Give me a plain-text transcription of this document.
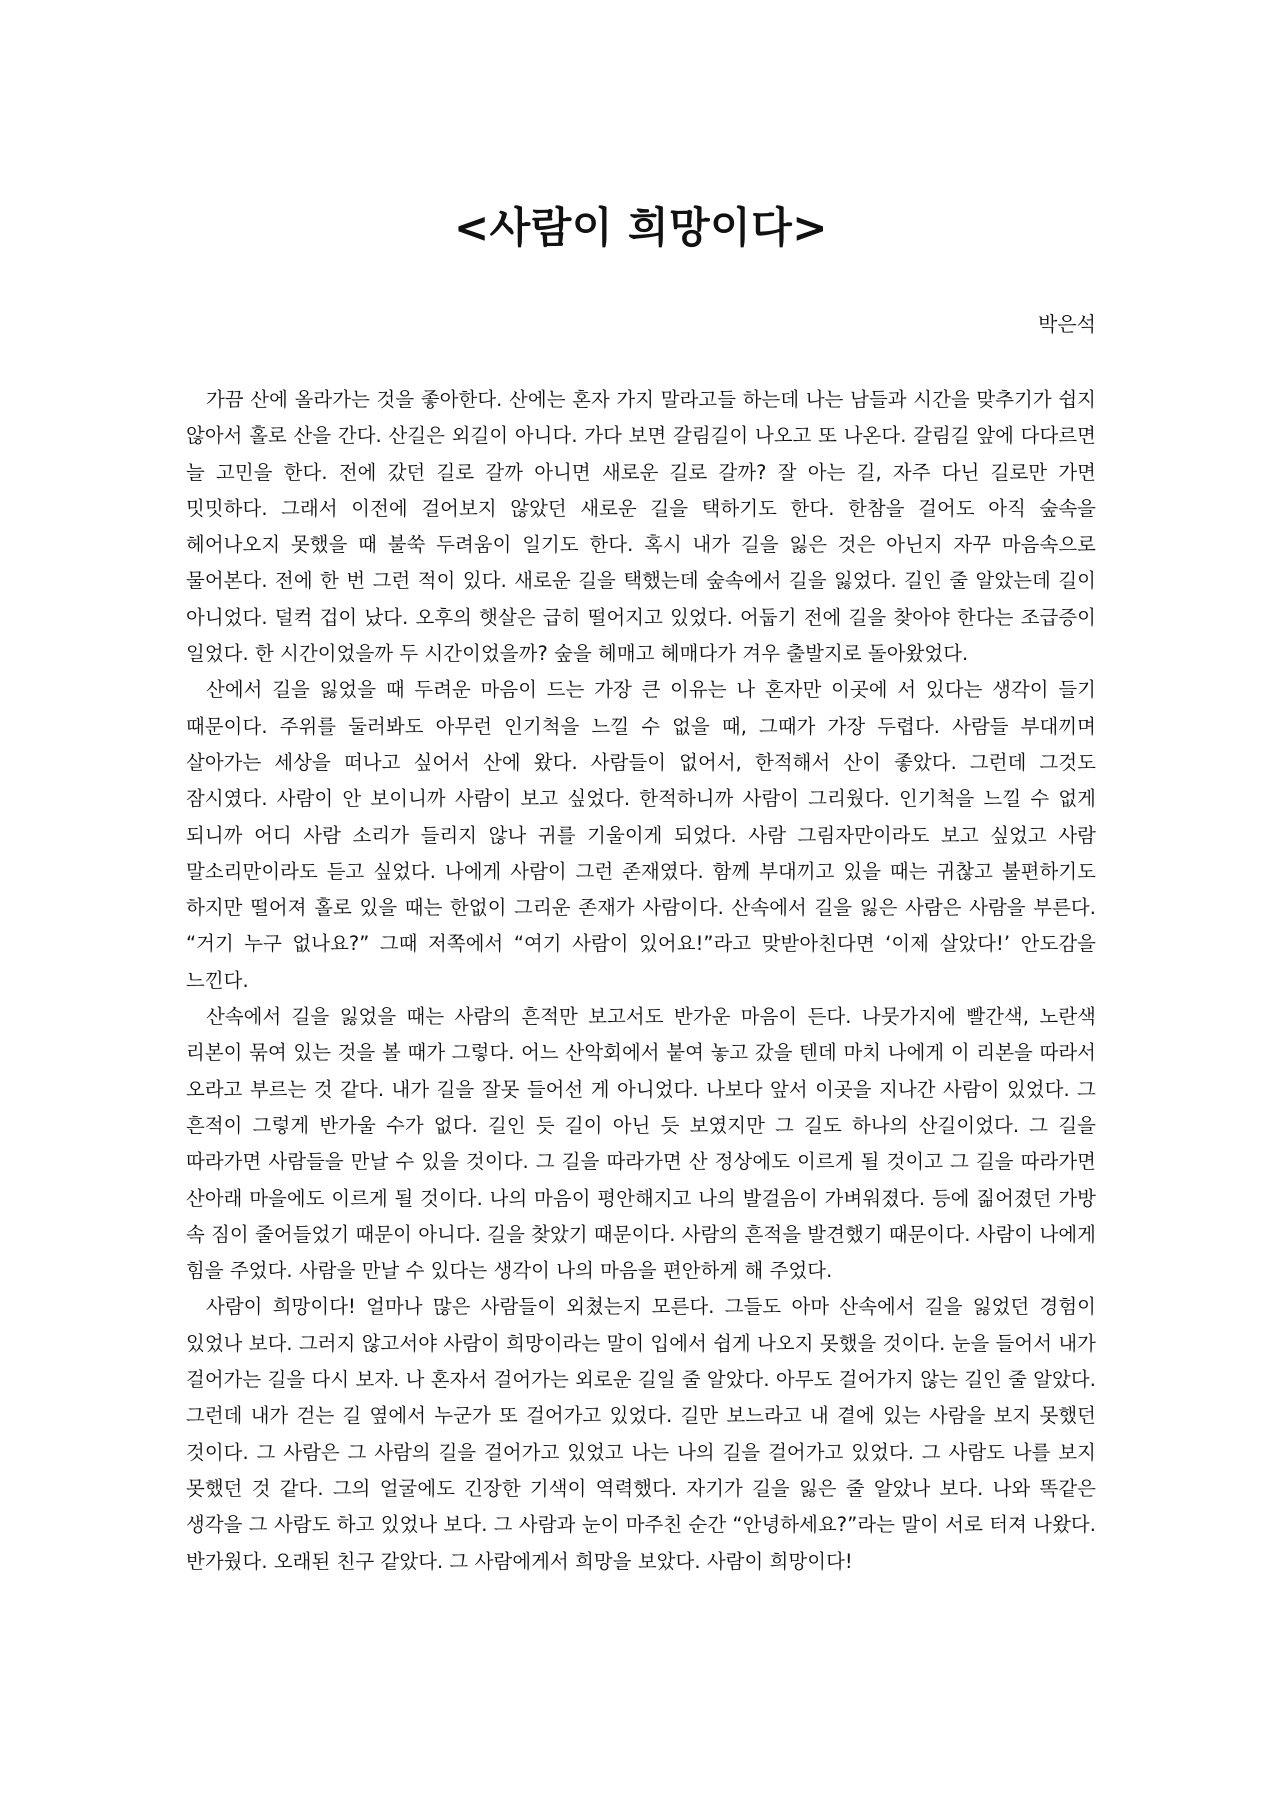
<사람이 희망이다>
박은석

가끔 산에 올라가는 것을 좋아한다. 산에는 혼자 가지 말라고들 하는데 나는 남들과 시간을 맞추기가 쉽지 않아서 홀로 산을 간다. 산길은 외길이 아니다. 가다 보면 갈림길이 나오고 또 나온다. 갈림길 앞에 다다르면 늘 고민을 한다. 전에 갔던 길로 갈까 아니면 새로운 길로 갈까? 잘 아는 길, 자주 다닌 길로만 가면 밋밋하다. 그래서 이전에 걸어보지 않았던 새로운 길을 택하기도 한다. 한참을 걸어도 아직 숲속을 헤어나오지 못했을 때 불쑥 두려움이 일기도 한다. 혹시 내가 길을 잃은 것은 아닌지 자꾸 마음속으로 물어본다. 전에 한 번 그런 적이 있다. 새로운 길을 택했는데 숲속에서 길을 잃었다. 길인 줄 알았는데 길이 아니었다. 덜컥 겁이 났다. 오후의 햇살은 급히 떨어지고 있었다. 어둡기 전에 길을 찾아야 한다는 조급증이 일었다. 한 시간이었을까 두 시간이었을까? 숲을 헤매고 헤매다가 겨우 출발지로 돌아왔었다.

산에서 길을 잃었을 때 두려운 마음이 드는 가장 큰 이유는 나 혼자만 이곳에 서 있다는 생각이 들기 때문이다. 주위를 둘러봐도 아무런 인기척을 느낄 수 없을 때, 그때가 가장 두렵다. 사람들 부대끼며 살아가는 세상을 떠나고 싶어서 산에 왔다. 사람들이 없어서, 한적해서 산이 좋았다. 그런데 그것도 잠시였다. 사람이 안 보이니까 사람이 보고 싶었다. 한적하니까 사람이 그리웠다. 인기척을 느낄 수 없게 되니까 어디 사람 소리가 들리지 않나 귀를 기울이게 되었다. 사람 그림자만이라도 보고 싶었고 사람 말소리만이라도 듣고 싶었다. 나에게 사람이 그런 존재였다. 함께 부대끼고 있을 때는 귀찮고 불편하기도 하지만 떨어져 홀로 있을 때는 한없이 그리운 존재가 사람이다. 산속에서 길을 잃은 사람은 사람을 부른다. “거기 누구 없나요?” 그때 저쪽에서 “여기 사람이 있어요!”라고 맞받아친다면 ‘이제 살았다!’ 안도감을 느낀다.

산속에서 길을 잃었을 때는 사람의 흔적만 보고서도 반가운 마음이 든다. 나뭇가지에 빨간색, 노란색 리본이 묶여 있는 것을 볼 때가 그렇다. 어느 산악회에서 붙여 놓고 갔을 텐데 마치 나에게 이 리본을 따라서 오라고 부르는 것 같다. 내가 길을 잘못 들어선 게 아니었다. 나보다 앞서 이곳을 지나간 사람이 있었다. 그 흔적이 그렇게 반가울 수가 없다. 길인 듯 길이 아닌 듯 보였지만 그 길도 하나의 산길이었다. 그 길을 따라가면 사람들을 만날 수 있을 것이다. 그 길을 따라가면 산 정상에도 이르게 될 것이고 그 길을 따라가면 산아래 마을에도 이르게 될 것이다. 나의 마음이 평안해지고 나의 발걸음이 가벼워졌다. 등에 짊어졌던 가방 속 짐이 줄어들었기 때문이 아니다. 길을 찾았기 때문이다. 사람의 흔적을 발견했기 때문이다. 사람이 나에게 힘을 주었다. 사람을 만날 수 있다는 생각이 나의 마음을 편안하게 해 주었다.

사람이 희망이다! 얼마나 많은 사람들이 외쳤는지 모른다. 그들도 아마 산속에서 길을 잃었던 경험이 있었나 보다. 그러지 않고서야 사람이 희망이라는 말이 입에서 쉽게 나오지 못했을 것이다. 눈을 들어서 내가 걸어가는 길을 다시 보자. 나 혼자서 걸어가는 외로운 길일 줄 알았다. 아무도 걸어가지 않는 길인 줄 알았다. 그런데 내가 걷는 길 옆에서 누군가 또 걸어가고 있었다. 길만 보느라고 내 곁에 있는 사람을 보지 못했던 것이다. 그 사람은 그 사람의 길을 걸어가고 있었고 나는 나의 길을 걸어가고 있었다. 그 사람도 나를 보지 못했던 것 같다. 그의 얼굴에도 긴장한 기색이 역력했다. 자기가 길을 잃은 줄 알았나 보다. 나와 똑같은 생각을 그 사람도 하고 있었나 보다. 그 사람과 눈이 마주친 순간 “안녕하세요?”라는 말이 서로 터져 나왔다. 반가웠다. 오래된 친구 같았다. 그 사람에게서 희망을 보았다. 사람이 희망이다!
